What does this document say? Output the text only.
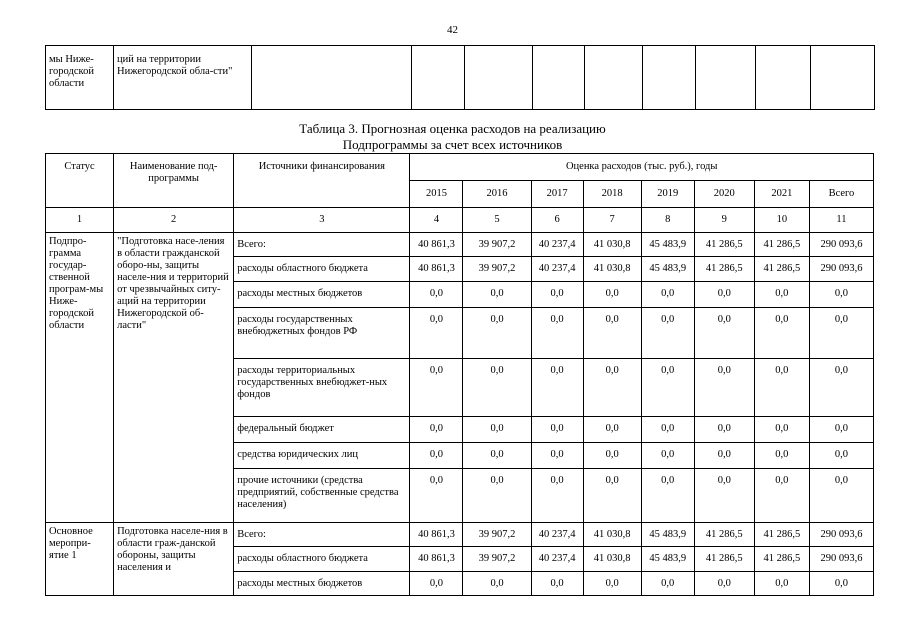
42
мы Ниже-городской области	ций на территории Нижегородской обла-сти"									
Таблица 3. Прогнозная оценка расходов на реализацию
Подпрограммы за счет всех источников
Статус	Наименование под-программы	Источники финансирования	Оценка расходов (тыс. руб.), годы							
			2015	2016	2017	2018	2019	2020	2021	Всего
1	2	3	4	5	6	7	8	9	10	11
Подпро-грамма государ-ственной програм-мы Ниже-городской области	"Подготовка насе-ления в области гражданской оборо-ны, защиты населе-ния и территорий от чрезвычайных ситу-аций на территории Нижегородской об-ласти"	Всего:	40 861,3	39 907,2	40 237,4	41 030,8	45 483,9	41 286,5	41 286,5	290 093,6
		расходы областного бюджета	40 861,3	39 907,2	40 237,4	41 030,8	45 483,9	41 286,5	41 286,5	290 093,6
		расходы местных бюджетов	0,0	0,0	0,0	0,0	0,0	0,0	0,0	0,0
		расходы государственных внебюджетных фондов РФ	0,0	0,0	0,0	0,0	0,0	0,0	0,0	0,0
		расходы территориальных государственных внебюджет-ных фондов	0,0	0,0	0,0	0,0	0,0	0,0	0,0	0,0
		федеральный бюджет	0,0	0,0	0,0	0,0	0,0	0,0	0,0	0,0
		средства юридических лиц	0,0	0,0	0,0	0,0	0,0	0,0	0,0	0,0
		прочие источники (средства предприятий, собственные средства населения)	0,0	0,0	0,0	0,0	0,0	0,0	0,0	0,0
Основное меропри-ятие 1	Подготовка населе-ния в области граж-данской обороны, защиты населения и	Всего:	40 861,3	39 907,2	40 237,4	41 030,8	45 483,9	41 286,5	41 286,5	290 093,6
		расходы областного бюджета	40 861,3	39 907,2	40 237,4	41 030,8	45 483,9	41 286,5	41 286,5	290 093,6
		расходы местных бюджетов	0,0	0,0	0,0	0,0	0,0	0,0	0,0	0,0
